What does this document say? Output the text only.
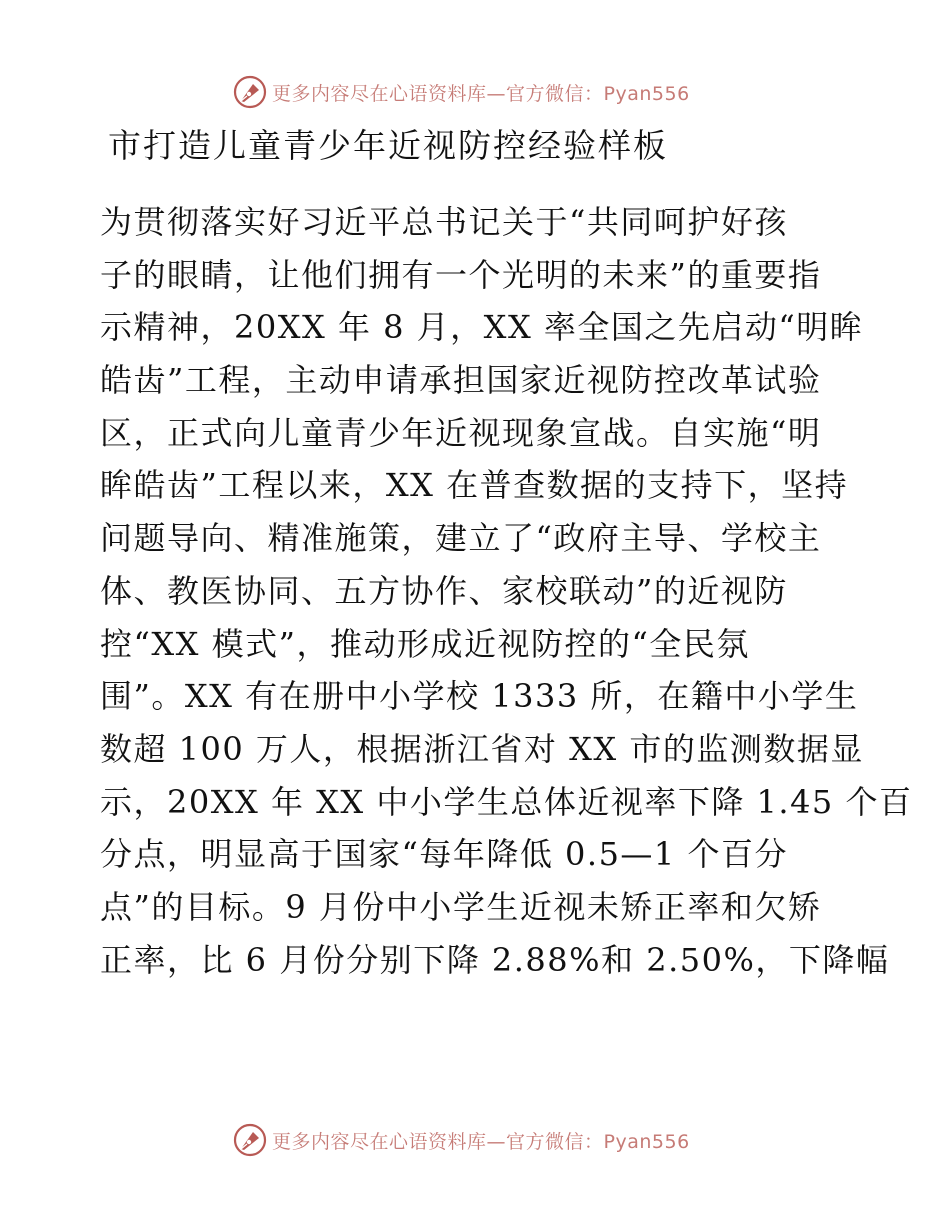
更多内容尽在心语资料库—官方微信：Pyan556
市打造儿童青少年近视防控经验样板
为贯彻落实好习近平总书记关于“共同呵护好孩
子的眼睛，让他们拥有一个光明的未来”的重要指
示精神，20XX 年 8 月，XX 率全国之先启动“明眸
皓齿”工程，主动申请承担国家近视防控改革试验
区，正式向儿童青少年近视现象宣战。自实施“明
眸皓齿”工程以来，XX 在普查数据的支持下，坚持
问题导向、精准施策，建立了“政府主导、学校主
体、教医协同、五方协作、家校联动”的近视防
控“XX 模式”，推动形成近视防控的“全民氛
围”。XX 有在册中小学校 1333 所，在籍中小学生
数超 100 万人，根据浙江省对 XX 市的监测数据显
示，20XX 年 XX 中小学生总体近视率下降 1.45 个百
分点，明显高于国家“每年降低 0.5—1 个百分
点”的目标。9 月份中小学生近视未矫正率和欠矫
正率，比 6 月份分别下降 2.88%和 2.50%，下降幅
更多内容尽在心语资料库—官方微信：Pyan556
